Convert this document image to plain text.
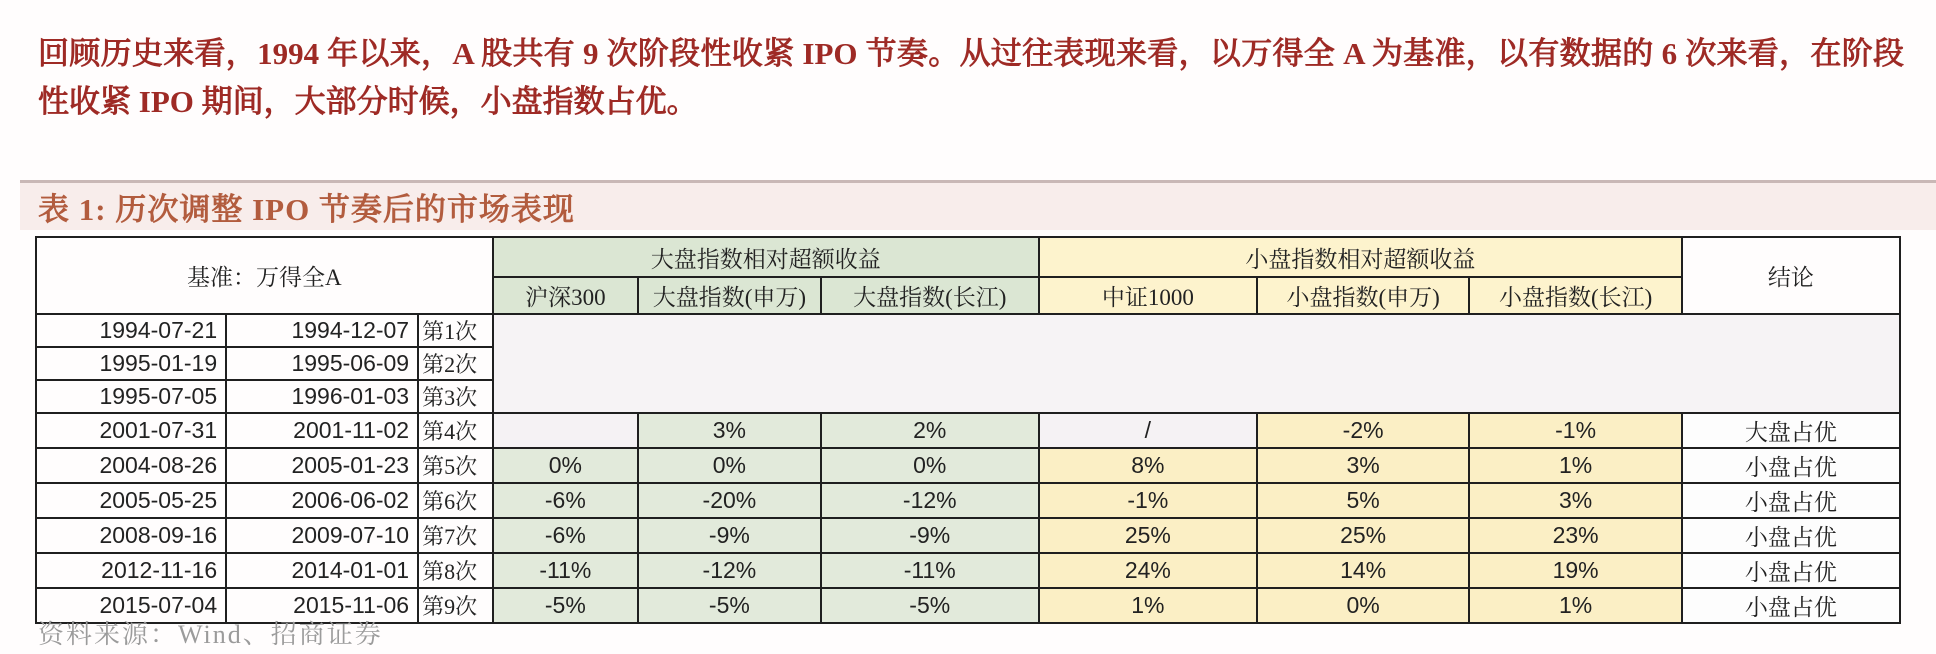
回顾历史来看，1994 年以来，A 股共有 9 次阶段性收紧 IPO 节奏。从过往表现来看，以万得全 A 为基准，以有数据的 6 次来看，在阶段性收紧 IPO 期间，大部分时候，小盘指数占优。

表 1: 历次调整 IPO 节奏后的市场表现
基准：万得全A			大盘指数相对超额收益			小盘指数相对超额收益			结论
			沪深300	大盘指数(申万)	大盘指数(长江)	中证1000	小盘指数(申万)	小盘指数(长江)	
1994-07-21	1994-12-07	第1次							
1995-01-19	1995-06-09	第2次							
1995-07-05	1996-01-03	第3次							
2001-07-31	2001-11-02	第4次		3%	2%	/	-2%	-1%	大盘占优
2004-08-26	2005-01-23	第5次	0%	0%	0%	8%	3%	1%	小盘占优
2005-05-25	2006-06-02	第6次	-6%	-20%	-12%	-1%	5%	3%	小盘占优
2008-09-16	2009-07-10	第7次	-6%	-9%	-9%	25%	25%	23%	小盘占优
2012-11-16	2014-01-01	第8次	-11%	-12%	-11%	24%	14%	19%	小盘占优
2015-07-04	2015-11-06	第9次	-5%	-5%	-5%	1%	0%	1%	小盘占优
资料来源：Wind、招商证券
